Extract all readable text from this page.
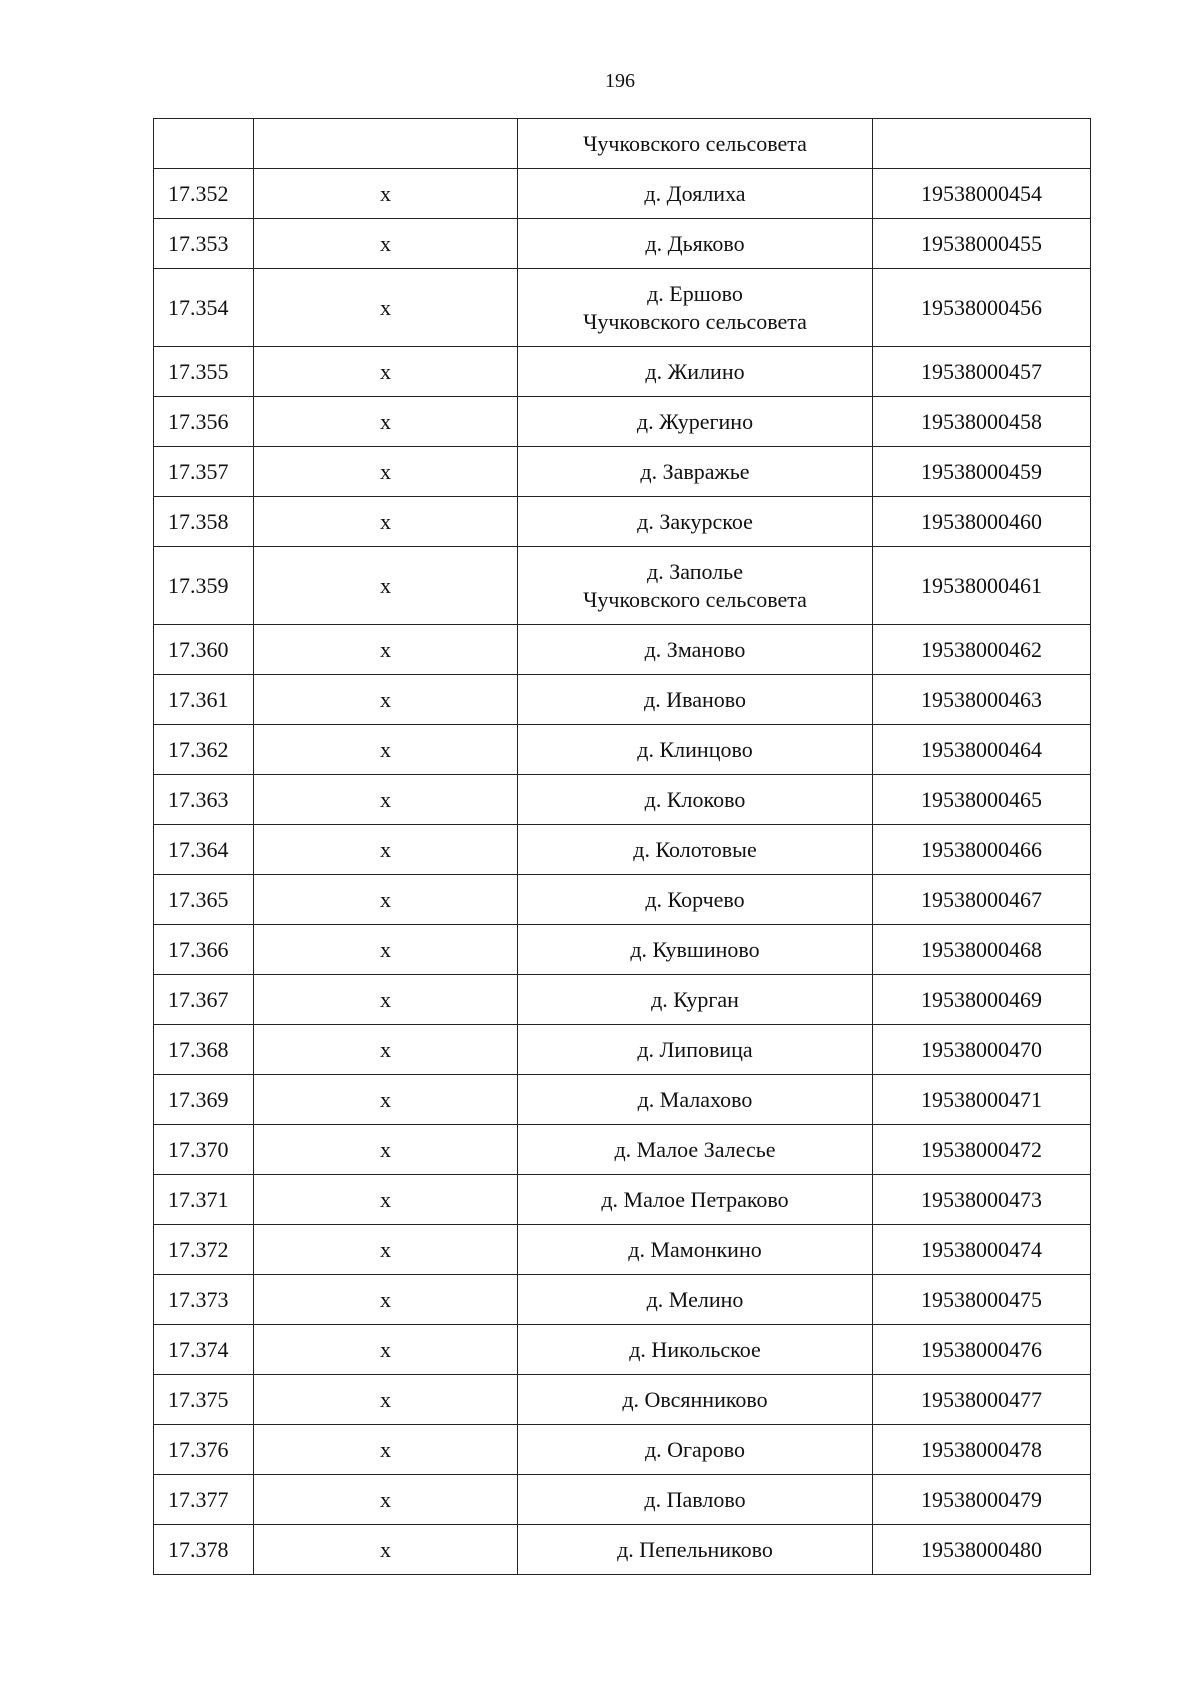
196

		Чучковского сельсовета	

17.352	х	д. Доялиха	19538000454
17.353	х	д. Дьяково	19538000455
17.354	х	д. Ершово
Чучковского сельсовета	19538000456
17.355	х	д. Жилино	19538000457
17.356	х	д. Журегино	19538000458
17.357	х	д. Завражье	19538000459
17.358	х	д. Закурское	19538000460
17.359	х	д. Заполье
Чучковского сельсовета	19538000461
17.360	х	д. Зманово	19538000462
17.361	х	д. Иваново	19538000463
17.362	х	д. Клинцово	19538000464
17.363	х	д. Клоково	19538000465
17.364	х	д. Колотовые	19538000466
17.365	х	д. Корчево	19538000467
17.366	х	д. Кувшиново	19538000468
17.367	х	д. Курган	19538000469
17.368	х	д. Липовица	19538000470
17.369	х	д. Малахово	19538000471
17.370	х	д. Малое Залесье	19538000472
17.371	х	д. Малое Петраково	19538000473
17.372	х	д. Мамонкино	19538000474
17.373	х	д. Мелино	19538000475
17.374	х	д. Никольское	19538000476
17.375	х	д. Овсянниково	19538000477
17.376	х	д. Огарово	19538000478
17.377	х	д. Павлово	19538000479
17.378	х	д. Пепельниково	19538000480
